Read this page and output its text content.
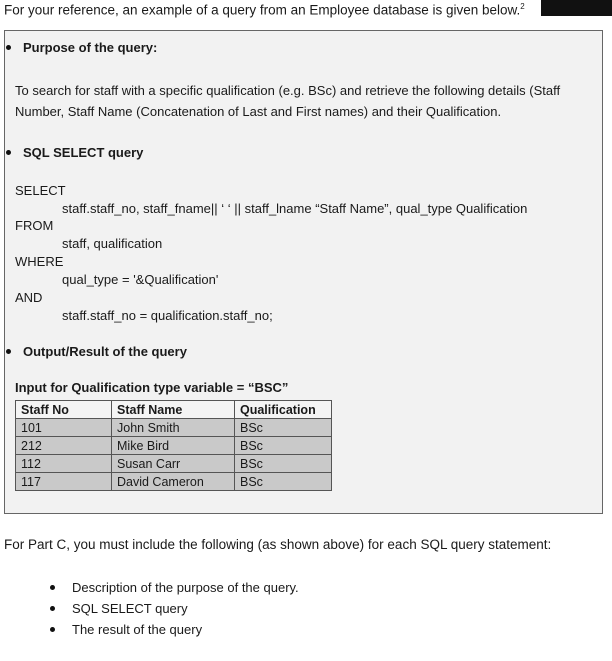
For your reference, an example of a query from an Employee database is given below.$^2$
Purpose of the query:
To search for staff with a specific qualification (e.g. BSc) and retrieve the following details (Staff Number, Staff Name (Concatenation of Last and First names) and their Qualification.
SQL SELECT query
SELECT
staff.staff_no, staff_fname|| ‘ ‘ || staff_lname “Staff Name”, qual_type Qualification
FROM
staff, qualification
WHERE
qual_type = '&Qualification'
AND
staff.staff_no = qualification.staff_no;
Output/Result of the query
Input for Qualification type variable = “BSC”
Staff No	Staff Name	Qualification
101	John Smith	BSc
212	Mike Bird	BSc
112	Susan Carr	BSc
117	David Cameron	BSc
For Part C, you must include the following (as shown above) for each SQL query statement:
Description of the purpose of the query.
SQL SELECT query
The result of the query
